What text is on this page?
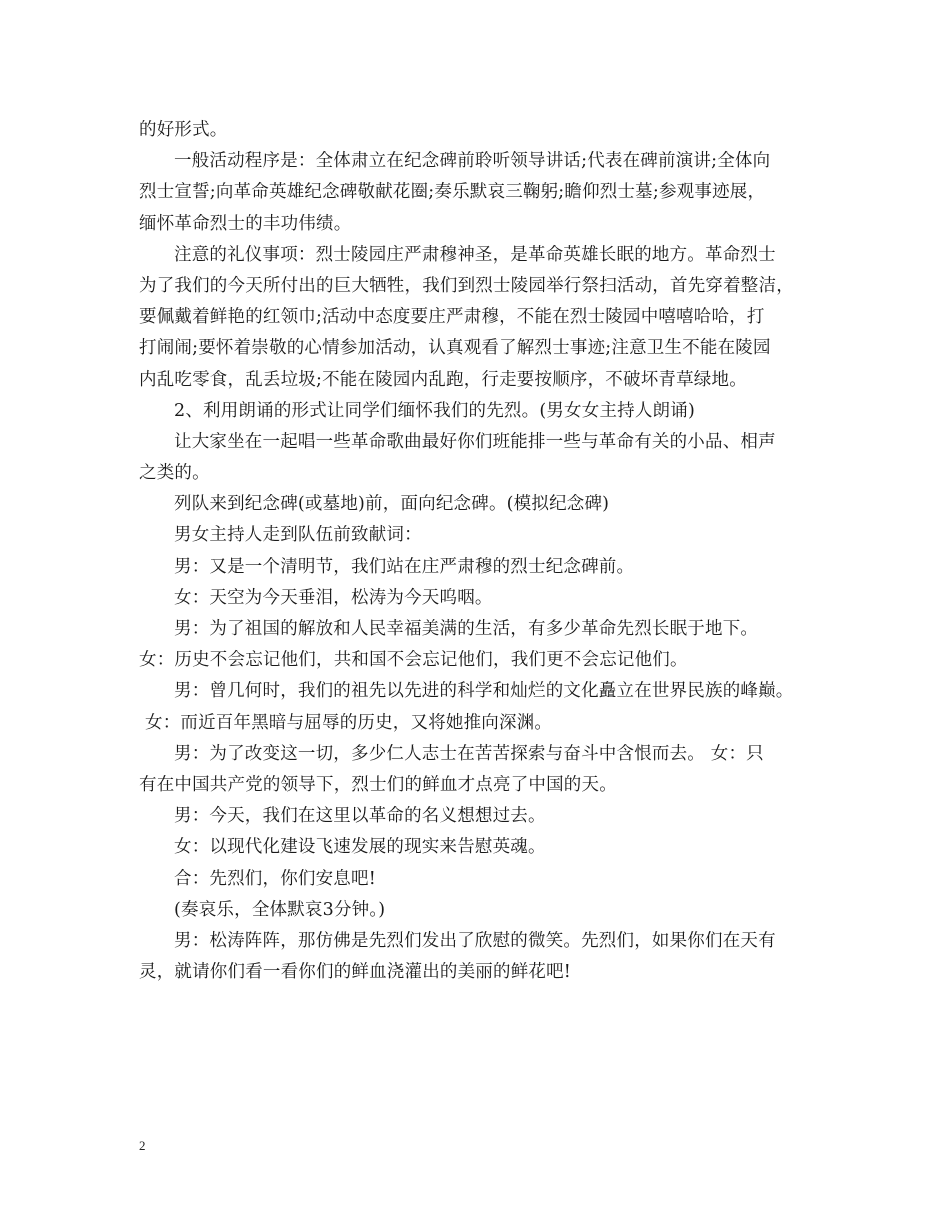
的好形式。
一般活动程序是：全体肃立在纪念碑前聆听领导讲话;代表在碑前演讲;全体向
烈士宣誓;向革命英雄纪念碑敬献花圈;奏乐默哀三鞠躬;瞻仰烈士墓;参观事迹展，
缅怀革命烈士的丰功伟绩。
注意的礼仪事项：烈士陵园庄严肃穆神圣，是革命英雄长眠的地方。革命烈士
为了我们的今天所付出的巨大牺牲，我们到烈士陵园举行祭扫活动，首先穿着整洁，
要佩戴着鲜艳的红领巾;活动中态度要庄严肃穆，不能在烈士陵园中嘻嘻哈哈，打
打闹闹;要怀着崇敬的心情参加活动，认真观看了解烈士事迹;注意卫生不能在陵园
内乱吃零食，乱丢垃圾;不能在陵园内乱跑，行走要按顺序，不破坏青草绿地。
2、利用朗诵的形式让同学们缅怀我们的先烈。(男女女主持人朗诵)
让大家坐在一起唱一些革命歌曲最好你们班能排一些与革命有关的小品、相声
之类的。
列队来到纪念碑(或墓地)前，面向纪念碑。(模拟纪念碑)
男女主持人走到队伍前致献词：
男：又是一个清明节，我们站在庄严肃穆的烈士纪念碑前。
女：天空为今天垂泪，松涛为今天呜咽。
男：为了祖国的解放和人民幸福美满的生活，有多少革命先烈长眠于地下。
女：历史不会忘记他们，共和国不会忘记他们，我们更不会忘记他们。
男：曾几何时，我们的祖先以先进的科学和灿烂的文化矗立在世界民族的峰巅。
女：而近百年黑暗与屈辱的历史，又将她推向深渊。
男：为了改变这一切，多少仁人志士在苦苦探索与奋斗中含恨而去。 女：只
有在中国共产党的领导下，烈士们的鲜血才点亮了中国的天。
男：今天，我们在这里以革命的名义想想过去。
女：以现代化建设飞速发展的现实来告慰英魂。
合：先烈们，你们安息吧!
(奏哀乐，全体默哀3分钟。)
男：松涛阵阵，那仿佛是先烈们发出了欣慰的微笑。先烈们，如果你们在天有
灵，就请你们看一看你们的鲜血浇灌出的美丽的鲜花吧!
2
